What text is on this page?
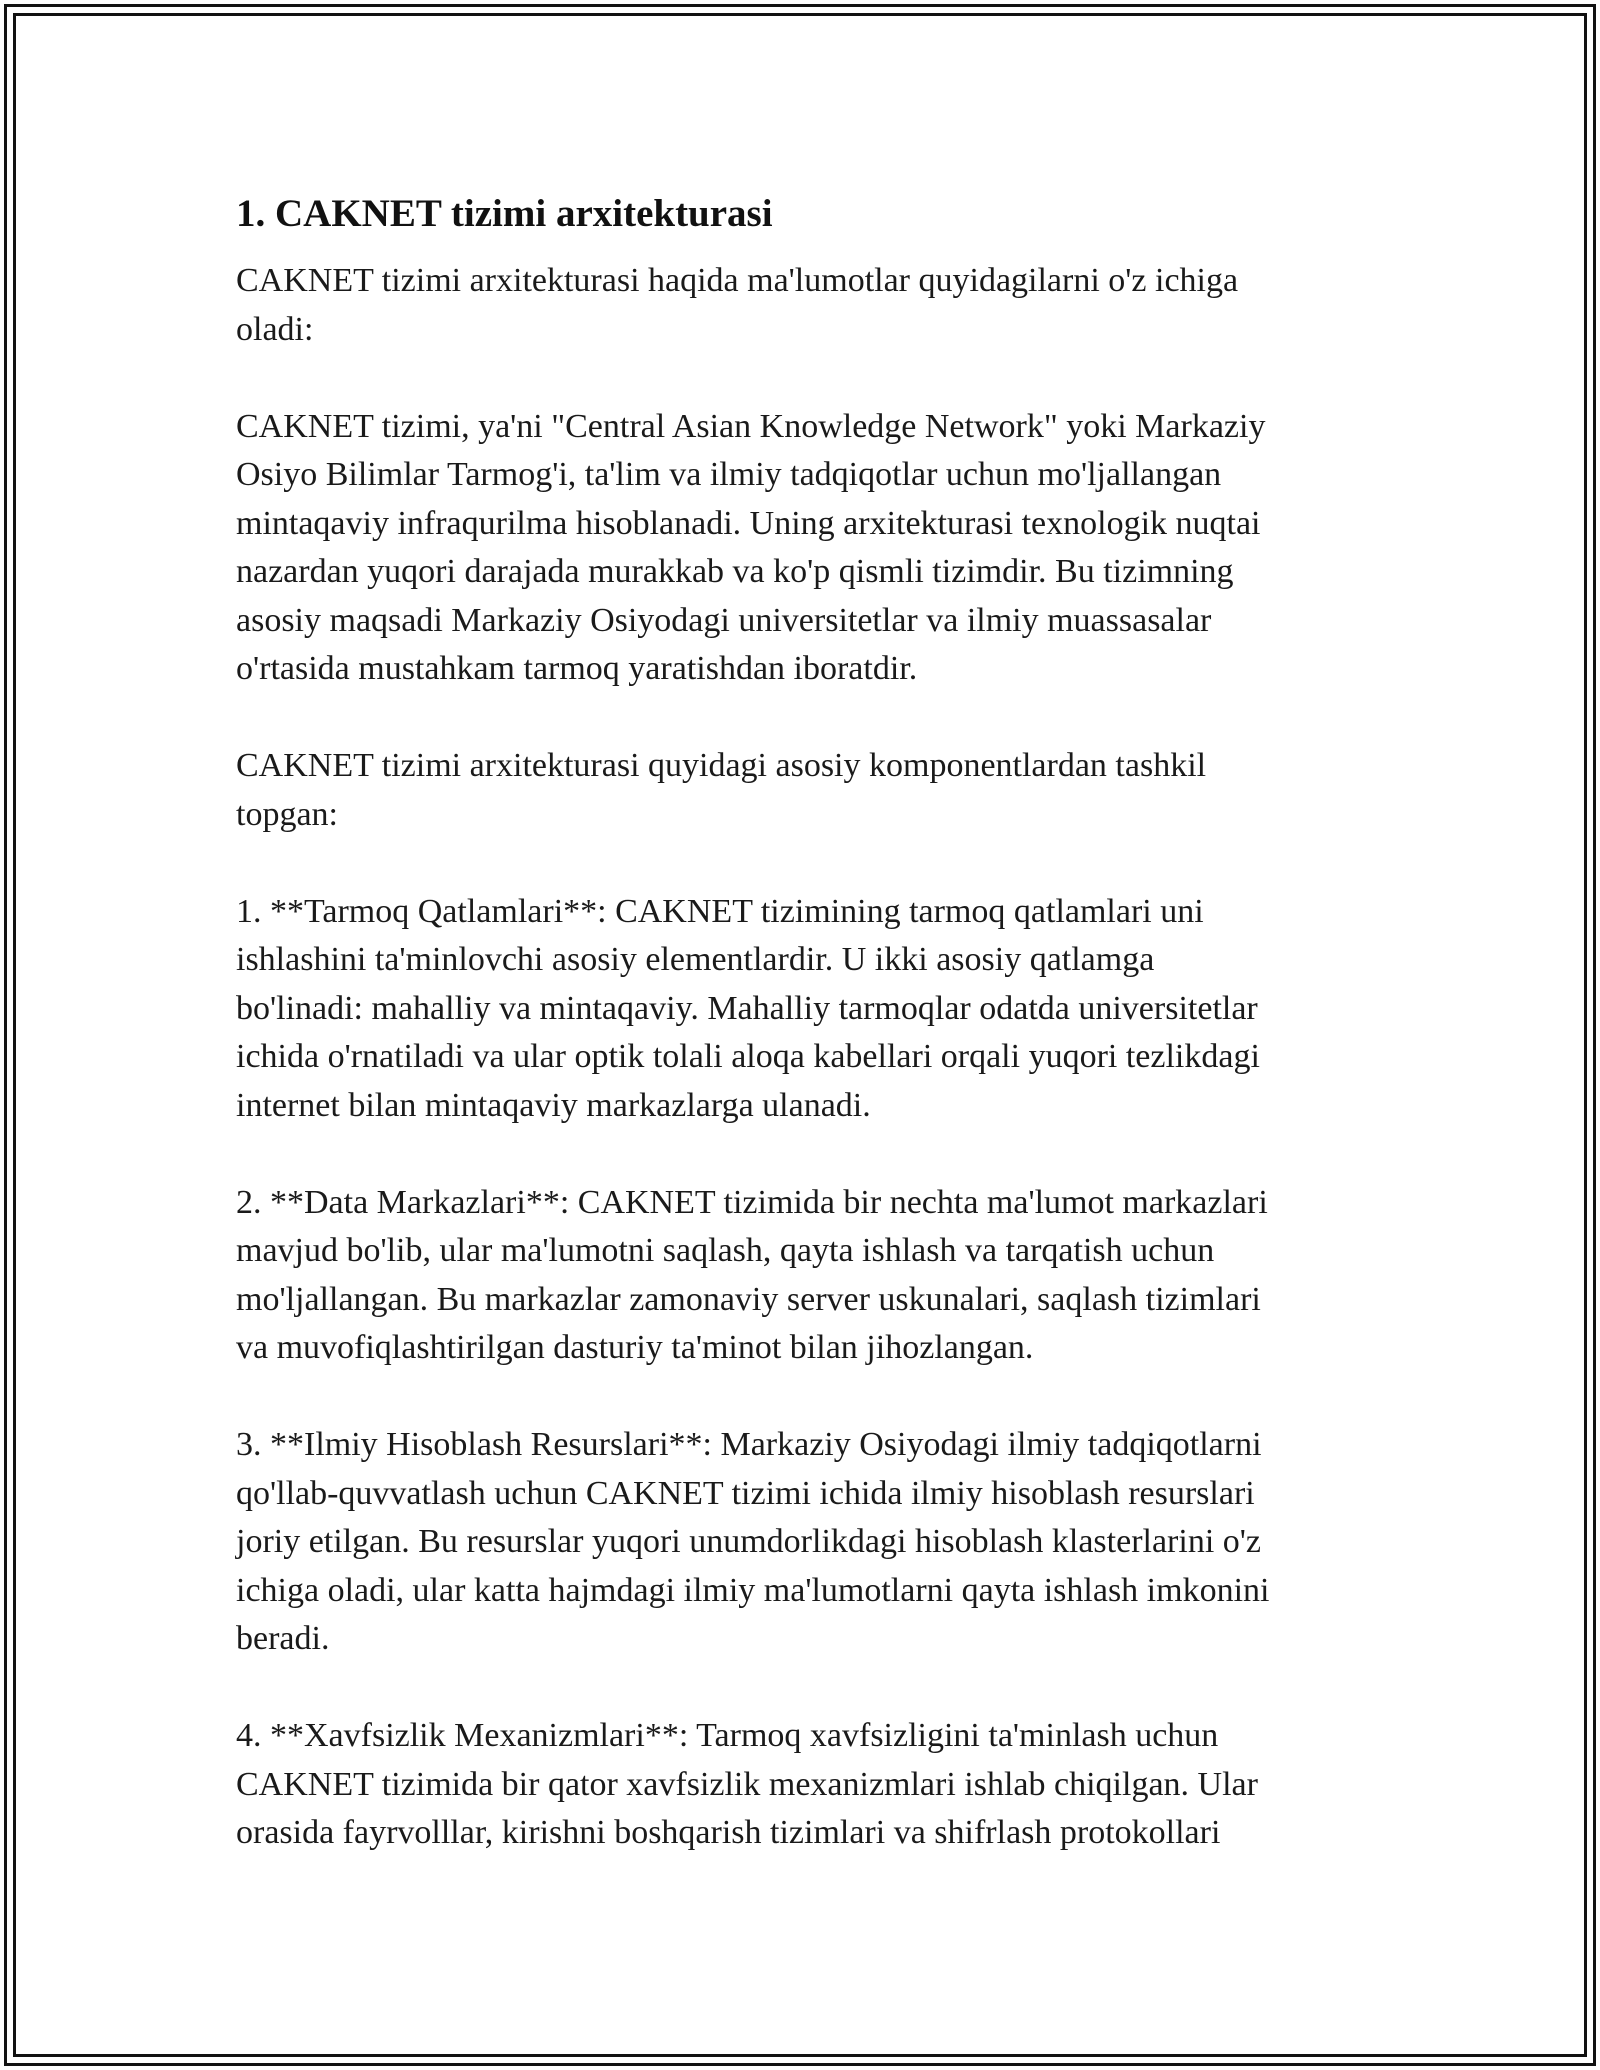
1. CAKNET tizimi arxitekturasi

CAKNET tizimi arxitekturasi haqida ma'lumotlar quyidagilarni o'z ichiga
oladi:

CAKNET tizimi, ya'ni "Central Asian Knowledge Network" yoki Markaziy
Osiyo Bilimlar Tarmog'i, ta'lim va ilmiy tadqiqotlar uchun mo'ljallangan
mintaqaviy infraqurilma hisoblanadi. Uning arxitekturasi texnologik nuqtai
nazardan yuqori darajada murakkab va ko'p qismli tizimdir. Bu tizimning
asosiy maqsadi Markaziy Osiyodagi universitetlar va ilmiy muassasalar
o'rtasida mustahkam tarmoq yaratishdan iboratdir.

CAKNET tizimi arxitekturasi quyidagi asosiy komponentlardan tashkil
topgan:

1. **Tarmoq Qatlamlari**: CAKNET tizimining tarmoq qatlamlari uni
ishlashini ta'minlovchi asosiy elementlardir. U ikki asosiy qatlamga
bo'linadi: mahalliy va mintaqaviy. Mahalliy tarmoqlar odatda universitetlar
ichida o'rnatiladi va ular optik tolali aloqa kabellari orqali yuqori tezlikdagi
internet bilan mintaqaviy markazlarga ulanadi.

2. **Data Markazlari**: CAKNET tizimida bir nechta ma'lumot markazlari
mavjud bo'lib, ular ma'lumotni saqlash, qayta ishlash va tarqatish uchun
mo'ljallangan. Bu markazlar zamonaviy server uskunalari, saqlash tizimlari
va muvofiqlashtirilgan dasturiy ta'minot bilan jihozlangan.

3. **Ilmiy Hisoblash Resurslari**: Markaziy Osiyodagi ilmiy tadqiqotlarni
qo'llab-quvvatlash uchun CAKNET tizimi ichida ilmiy hisoblash resurslari
joriy etilgan. Bu resurslar yuqori unumdorlikdagi hisoblash klasterlarini o'z
ichiga oladi, ular katta hajmdagi ilmiy ma'lumotlarni qayta ishlash imkonini
beradi.

4. **Xavfsizlik Mexanizmlari**: Tarmoq xavfsizligini ta'minlash uchun
CAKNET tizimida bir qator xavfsizlik mexanizmlari ishlab chiqilgan. Ular
orasida fayrvolllar, kirishni boshqarish tizimlari va shifrlash protokollari
